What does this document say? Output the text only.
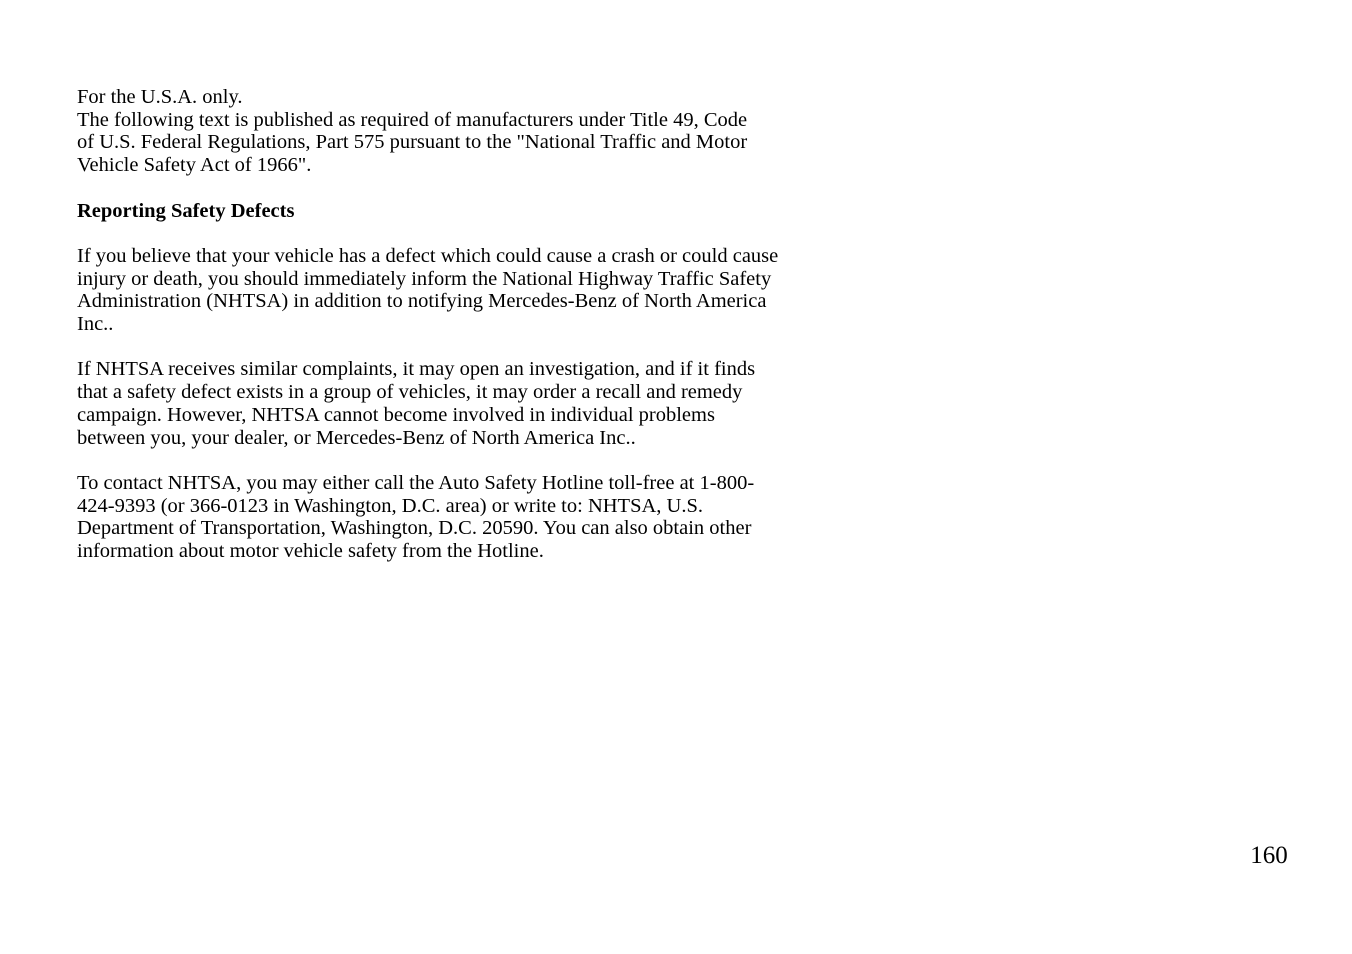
For the U.S.A. only.
The following text is published as required of manufacturers under Title 49, Code
of U.S. Federal Regulations, Part 575 pursuant to the "National Traffic and Motor
Vehicle Safety Act of 1966".

Reporting Safety Defects

If you believe that your vehicle has a defect which could cause a crash or could cause
injury or death, you should immediately inform the National Highway Traffic Safety
Administration (NHTSA) in addition to notifying Mercedes-Benz of North America
Inc..

If NHTSA receives similar complaints, it may open an investigation, and if it finds
that a safety defect exists in a group of vehicles, it may order a recall and remedy
campaign. However, NHTSA cannot become involved in individual problems
between you, your dealer, or Mercedes-Benz of North America Inc..

To contact NHTSA, you may either call the Auto Safety Hotline toll-free at 1-800-
424-9393 (or 366-0123 in Washington, D.C. area) or write to: NHTSA, U.S.
Department of Transportation, Washington, D.C. 20590. You can also obtain other
information about motor vehicle safety from the Hotline.

160
